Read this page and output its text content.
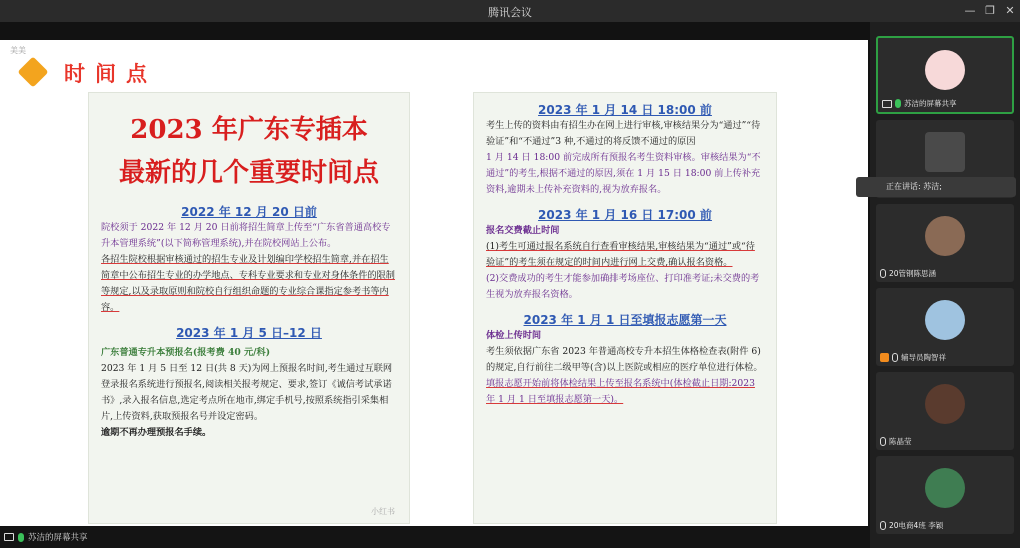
腾讯会议	— ❐ ✕
美美
时间点
2023 年广东专插本
最新的几个重要时间点
2022 年 12 月 20 日前
院校须于 2022 年 12 月 20 日前将招生简章上传至“广东省普通高校专升本管理系统”(以下简称管理系统),并在院校网站上公布。
各招生院校根据审核通过的招生专业及计划编印学校招生简章,并在招生简章中公布招生专业的办学地点、专科专业要求和专业对身体条件的限制等规定,以及录取原则和院校自行组织命题的专业综合课指定参考书等内容。
2023 年 1 月 5 日–12 日
广东普通专升本预报名(报考费 40 元/科)
2023 年 1 月 5 日至 12 日(共 8 天)为网上预报名时间,考生通过互联网登录报名系统进行预报名,阅读相关报考规定、要求,签订《诚信考试承诺书》,录入报名信息,选定考点所在地市,绑定手机号,按照系统指引采集相片,上传资料,获取预报名号并设定密码。
逾期不再办理预报名手续。
小红书
2023 年 1 月 14 日 18:00 前
考生上传的资料由有招生办在网上进行审核,审核结果分为“通过”“待验证”和“不通过”3 种,不通过的将反馈不通过的原因
1 月 14 日 18:00 前完成所有预报名考生资料审核。审核结果为“不通过”的考生,根据不通过的原因,须在 1 月 15 日 18:00 前上传补充资料,逾期未上传补充资料的,视为放弃报名。
2023 年 1 月 16 日 17:00 前
报名交费截止时间
(1)考生可通过报名系统自行查看审核结果,审核结果为“通过”或“待验证”的考生须在规定的时间内进行网上交费,确认报名资格。
(2)交费成功的考生才能参加确排考场座位、打印准考证;未交费的考生视为放弃报名资格。
2023 年 1 月 1 日至填报志愿第一天
体检上传时间
考生须依据广东省 2023 年普通高校专升本招生体格检查表(附件 6)的规定,自行前往二级甲等(含)以上医院或相应的医疗单位进行体检。
填报志愿开始前将体检结果上传至报名系统中(体检截止日期:2023 年 1 月 1 日至填报志愿第一天)。
苏洁的屏幕共享
20管钢陈思涵
辅导员陶智祥
陈晶莹
20电商4班 李颖
正在讲话: 苏洁;
苏洁的屏幕共享
